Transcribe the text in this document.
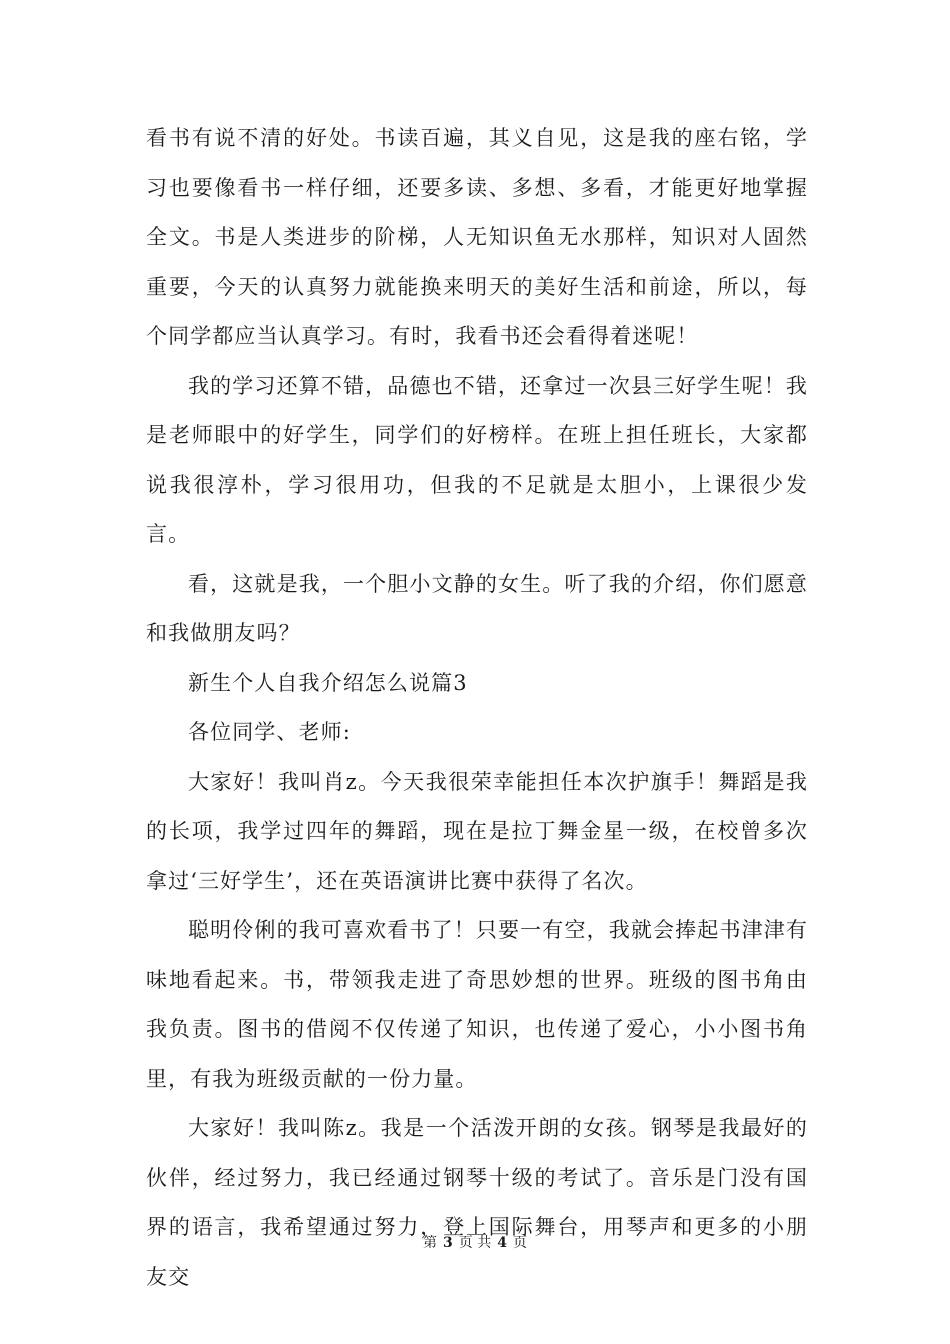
看书有说不清的好处。书读百遍，其义自见，这是我的座右铭，学习也要像看书一样仔细，还要多读、多想、多看，才能更好地掌握全文。书是人类进步的阶梯，人无知识鱼无水那样，知识对人固然重要，今天的认真努力就能换来明天的美好生活和前途，所以，每个同学都应当认真学习。有时，我看书还会看得着迷呢！

我的学习还算不错，品德也不错，还拿过一次县三好学生呢！我是老师眼中的好学生，同学们的好榜样。在班上担任班长，大家都说我很淳朴，学习很用功，但我的不足就是太胆小，上课很少发言。

看，这就是我，一个胆小文静的女生。听了我的介绍，你们愿意和我做朋友吗？

新生个人自我介绍怎么说篇3

各位同学、老师:

大家好！我叫肖z。今天我很荣幸能担任本次护旗手！舞蹈是我的长项，我学过四年的舞蹈，现在是拉丁舞金星一级，在校曾多次拿过‘三好学生’，还在英语演讲比赛中获得了名次。

聪明伶俐的我可喜欢看书了！只要一有空，我就会捧起书津津有味地看起来。书，带领我走进了奇思妙想的世界。班级的图书角由我负责。图书的借阅不仅传递了知识，也传递了爱心，小小图书角里，有我为班级贡献的一份力量。

大家好！我叫陈z。我是一个活泼开朗的女孩。钢琴是我最好的伙伴，经过努力，我已经通过钢琴十级的考试了。音乐是门没有国界的语言，我希望通过努力，登上国际舞台，用琴声和更多的小朋友交

第 3 页 共 4 页
